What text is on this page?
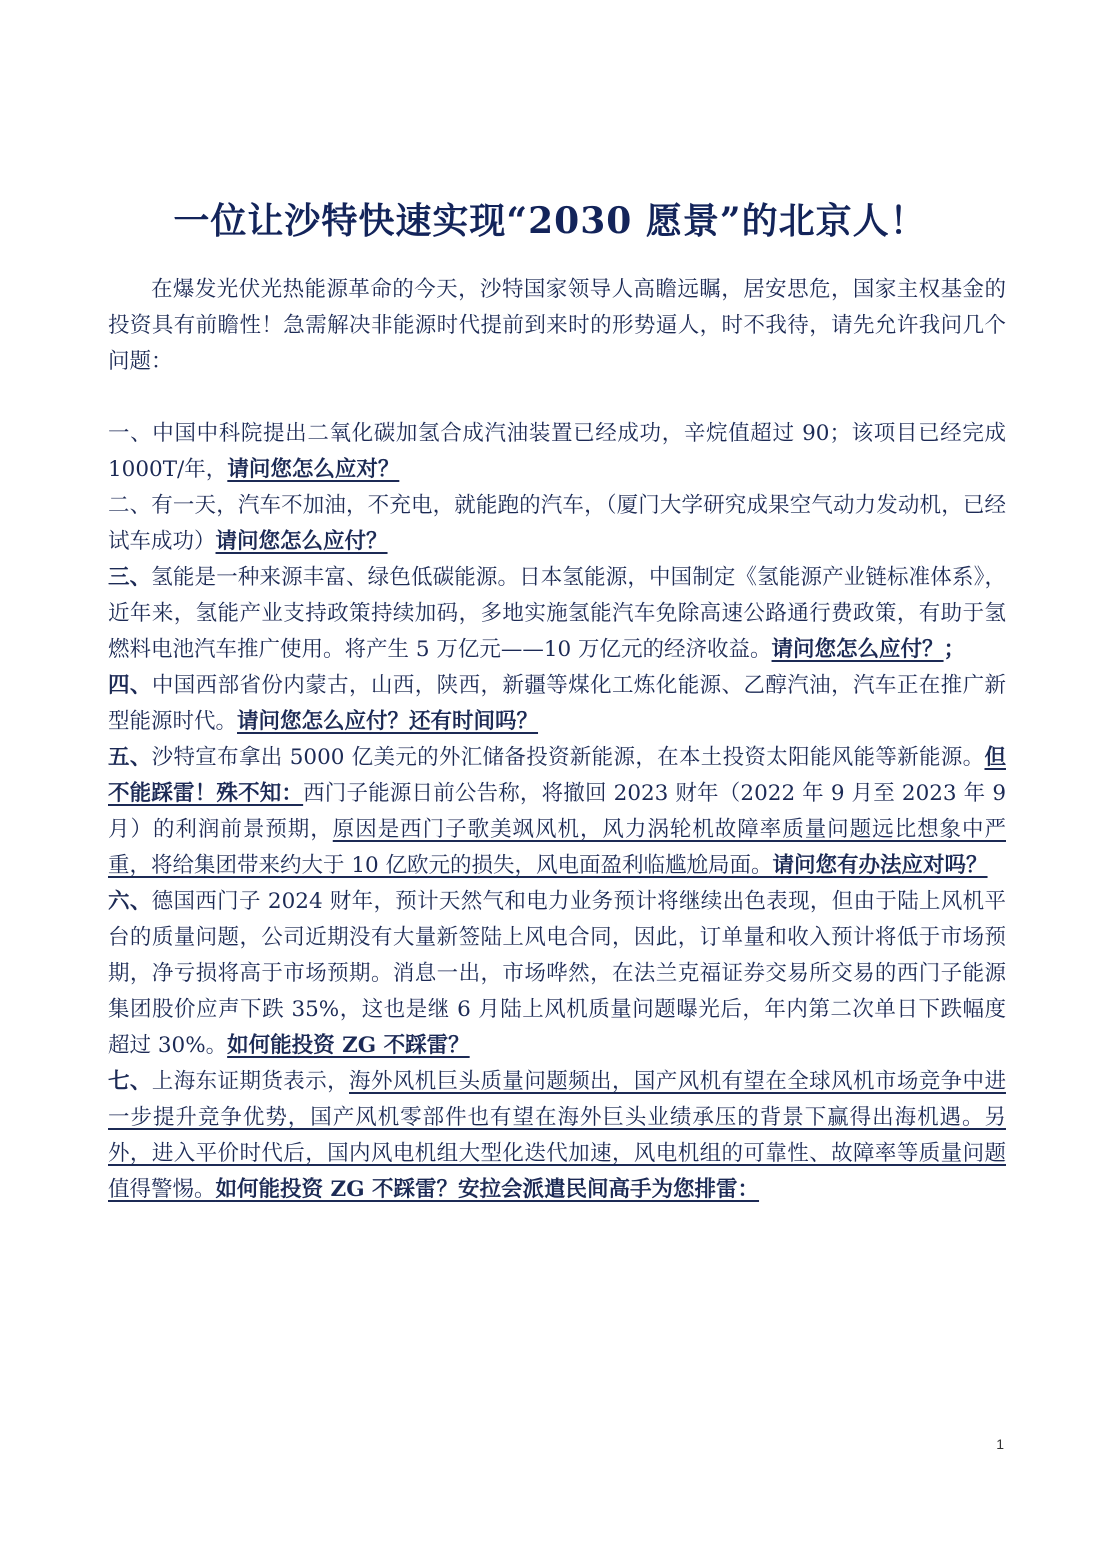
一位让沙特快速实现“2030 愿景”的北京人！

在爆发光伏光热能源革命的今天，沙特国家领导人高瞻远瞩，居安思危，国家主权基金的投资具有前瞻性！急需解决非能源时代提前到来时的形势逼人，时不我待，请先允许我问几个问题：

一、中国中科院提出二氧化碳加氢合成汽油装置已经成功，辛烷值超过 90；该项目已经完成 1000T/年，请问您怎么应对？

二、有一天，汽车不加油，不充电，就能跑的汽车，（厦门大学研究成果空气动力发动机，已经试车成功）请问您怎么应付？

三、氢能是一种来源丰富、绿色低碳能源。日本氢能源，中国制定《氢能源产业链标准体系》，近年来，氢能产业支持政策持续加码，多地实施氢能汽车免除高速公路通行费政策，有助于氢燃料电池汽车推广使用。将产生 5 万亿元——10 万亿元的经济收益。请问您怎么应付？；

四、中国西部省份内蒙古，山西，陕西，新疆等煤化工炼化能源、乙醇汽油，汽车正在推广新型能源时代。请问您怎么应付？还有时间吗？

五、沙特宣布拿出 5000 亿美元的外汇储备投资新能源，在本土投资太阳能风能等新能源。但不能踩雷！殊不知：西门子能源日前公告称，将撤回 2023 财年（2022 年 9 月至 2023 年 9 月）的利润前景预期，原因是西门子歌美飒风机，风力涡轮机故障率质量问题远比想象中严重，将给集团带来约大于 10 亿欧元的损失，风电面盈利临尴尬局面。请问您有办法应对吗？

六、德国西门子 2024 财年，预计天然气和电力业务预计将继续出色表现，但由于陆上风机平台的质量问题，公司近期没有大量新签陆上风电合同，因此，订单量和收入预计将低于市场预期，净亏损将高于市场预期。消息一出，市场哗然，在法兰克福证券交易所交易的西门子能源集团股价应声下跌 35%，这也是继 6 月陆上风机质量问题曝光后，年内第二次单日下跌幅度超过 30%。如何能投资 ZG 不踩雷？

七、上海东证期货表示，海外风机巨头质量问题频出，国产风机有望在全球风机市场竞争中进一步提升竞争优势，国产风机零部件也有望在海外巨头业绩承压的背景下赢得出海机遇。另外，进入平价时代后，国内风电机组大型化迭代加速，风电机组的可靠性、故障率等质量问题值得警惕。如何能投资 ZG 不踩雷？安拉会派遣民间高手为您排雷：

1
